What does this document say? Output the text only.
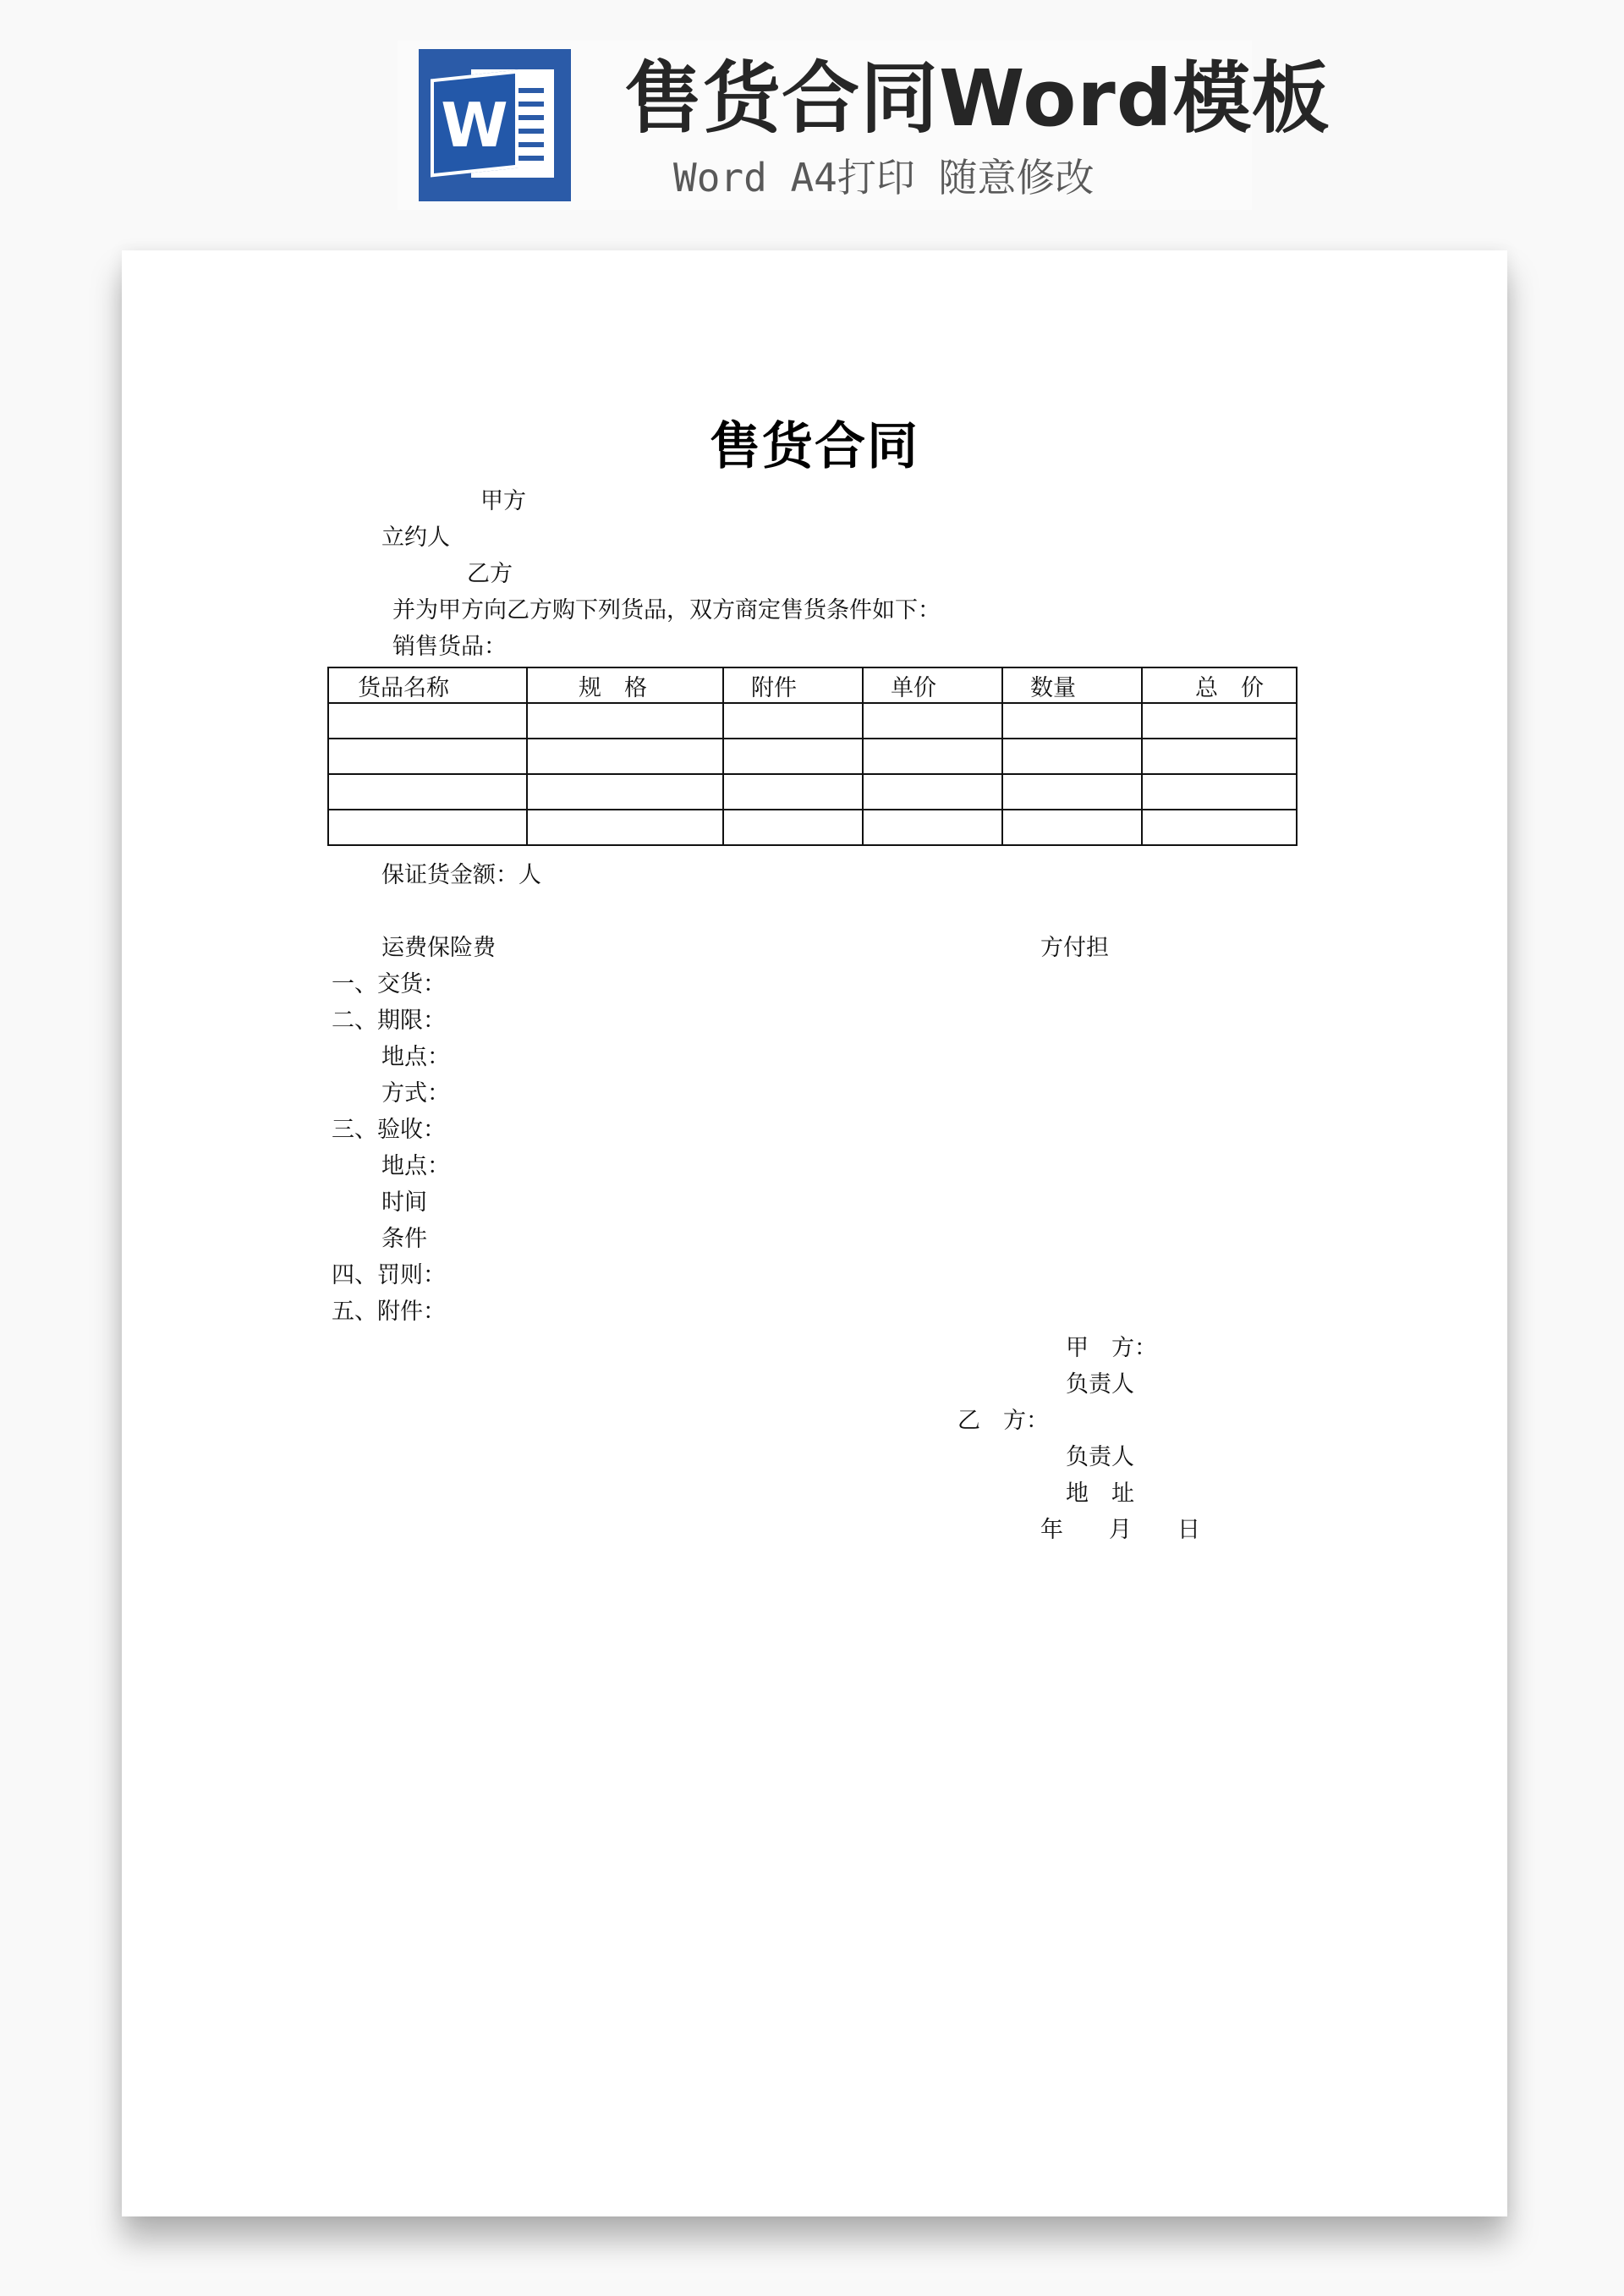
W 售货合同Word模板
Word A4打印 随意修改
售货合同
甲方
立约人
乙方
并为甲方向乙方购下列货品，双方商定售货条件如下：
销售货品：
货品名称	规　格	附件	单价	数量	总　价

保证货金额：人
运费保险费	方付担
一、交货：
二、期限：
地点：
方式：
三、验收：
地点：
时间
条件
四、罚则：
五、附件：
甲　方：
负责人
乙　方：
负责人
地　址
年　　月　　日
